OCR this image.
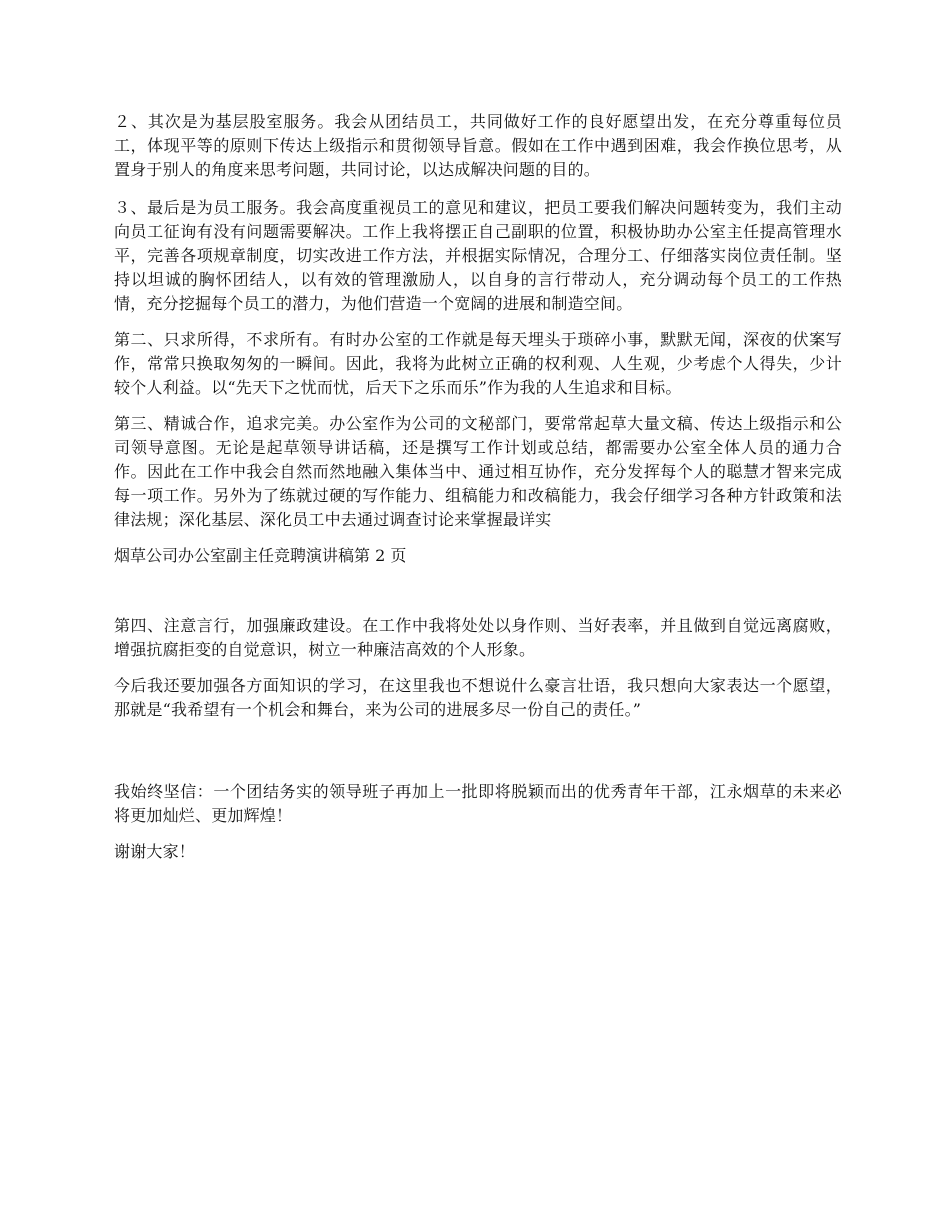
２、其次是为基层股室服务。我会从团结员工，共同做好工作的良好愿望出发，在充分尊重每位员工，体现平等的原则下传达上级指示和贯彻领导旨意。假如在工作中遇到困难，我会作换位思考，从置身于别人的角度来思考问题，共同讨论，以达成解决问题的目的。

３、最后是为员工服务。我会高度重视员工的意见和建议，把员工要我们解决问题转变为，我们主动向员工征询有没有问题需要解决。工作上我将摆正自己副职的位置，积极协助办公室主任提高管理水平，完善各项规章制度，切实改进工作方法，并根据实际情况，合理分工、仔细落实岗位责任制。坚持以坦诚的胸怀团结人，以有效的管理激励人，以自身的言行带动人，充分调动每个员工的工作热情，充分挖掘每个员工的潜力，为他们营造一个宽阔的进展和制造空间。

第二、只求所得，不求所有。有时办公室的工作就是每天埋头于琐碎小事，默默无闻，深夜的伏案写作，常常只换取匆匆的一瞬间。因此，我将为此树立正确的权利观、人生观，少考虑个人得失，少计较个人利益。以“先天下之忧而忧，后天下之乐而乐”作为我的人生追求和目标。

第三、精诚合作，追求完美。办公室作为公司的文秘部门，要常常起草大量文稿、传达上级指示和公司领导意图。无论是起草领导讲话稿，还是撰写工作计划或总结，都需要办公室全体人员的通力合作。因此在工作中我会自然而然地融入集体当中、通过相互协作，充分发挥每个人的聪慧才智来完成每一项工作。另外为了练就过硬的写作能力、组稿能力和改稿能力，我会仔细学习各种方针政策和法律法规；深化基层、深化员工中去通过调查讨论来掌握最详实

烟草公司办公室副主任竞聘演讲稿第 2 页

第四、注意言行，加强廉政建设。在工作中我将处处以身作则、当好表率，并且做到自觉远离腐败，增强抗腐拒变的自觉意识，树立一种廉洁高效的个人形象。

今后我还要加强各方面知识的学习，在这里我也不想说什么豪言壮语，我只想向大家表达一个愿望，那就是“我希望有一个机会和舞台，来为公司的进展多尽一份自己的责任。”

我始终坚信：一个团结务实的领导班子再加上一批即将脱颖而出的优秀青年干部，江永烟草的未来必将更加灿烂、更加辉煌！

谢谢大家！
